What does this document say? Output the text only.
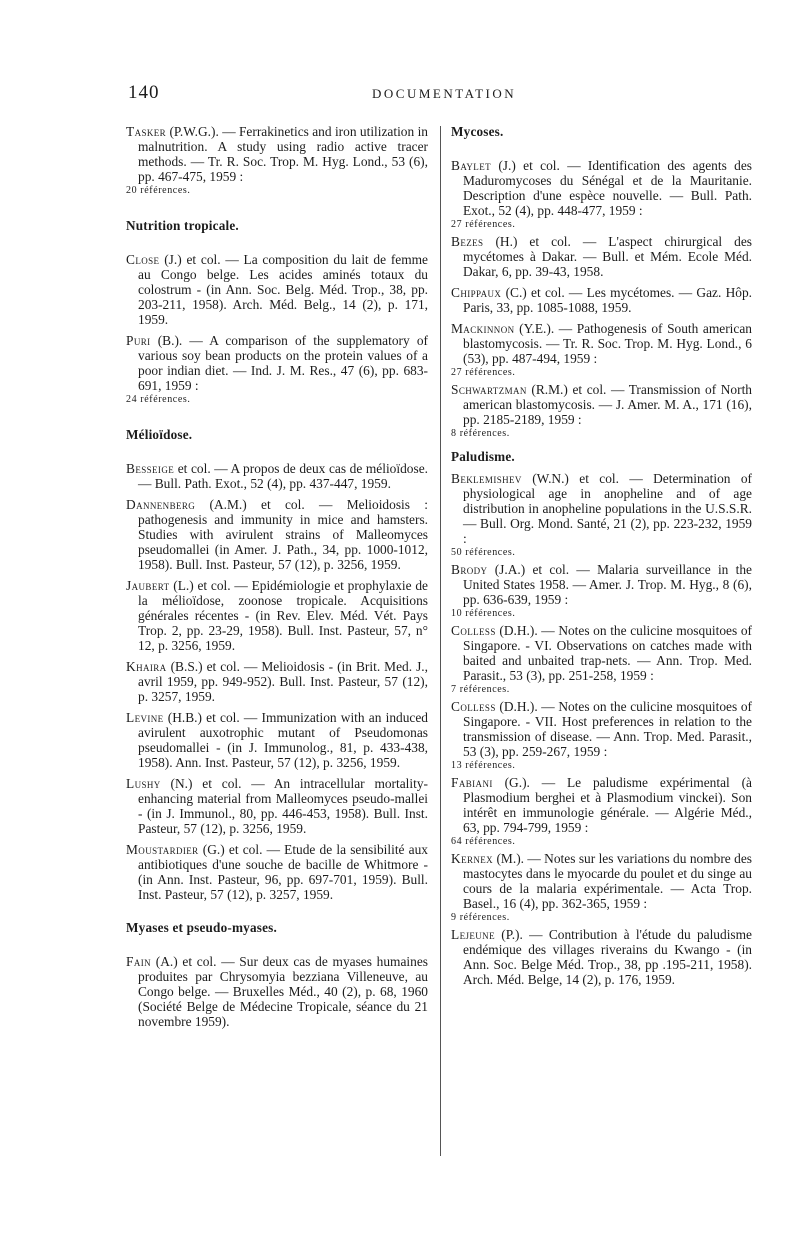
140	DOCUMENTATION

Tasker (P.W.G.). — Ferrakinetics and iron utilization in malnutrition. A study using radio active tracer methods. — Tr. R. Soc. Trop. M. Hyg. Lond., 53 (6), pp. 467-475, 1959 :

20 références.

Nutrition tropicale.

Close (J.) et col. — La composition du lait de femme au Congo belge. Les acides aminés totaux du colostrum - (in Ann. Soc. Belg. Méd. Trop., 38, pp. 203-211, 1958). Arch. Méd. Belg., 14 (2), p. 171, 1959.

Puri (B.). — A comparison of the supplematory of various soy bean products on the protein values of a poor indian diet. — Ind. J. M. Res., 47 (6), pp. 683-691, 1959 :

24 références.

Mélioïdose.

Besseige et col. — A propos de deux cas de mélioïdose. — Bull. Path. Exot., 52 (4), pp. 437-447, 1959.

Dannenberg (A.M.) et col. — Melioidosis : pathogenesis and immunity in mice and hamsters. Studies with avirulent strains of Malleomyces pseudomallei (in Amer. J. Path., 34, pp. 1000-1012, 1958). Bull. Inst. Pasteur, 57 (12), p. 3256, 1959.

Jaubert (L.) et col. — Epidémiologie et prophylaxie de la mélioïdose, zoonose tropicale. Acquisitions générales récentes - (in Rev. Elev. Méd. Vét. Pays Trop. 2, pp. 23-29, 1958). Bull. Inst. Pasteur, 57, n° 12, p. 3256, 1959.

Khaira (B.S.) et col. — Melioidosis - (in Brit. Med. J., avril 1959, pp. 949-952). Bull. Inst. Pasteur, 57 (12), p. 3257, 1959.

Levine (H.B.) et col. — Immunization with an induced avirulent auxotrophic mutant of Pseudomonas pseudomallei - (in J. Immunolog., 81, p. 433-438, 1958). Ann. Inst. Pasteur, 57 (12), p. 3256, 1959.

Lushy (N.) et col. — An intracellular mortality-enhancing material from Malleomyces pseudo-mallei - (in J. Immunol., 80, pp. 446-453, 1958). Bull. Inst. Pasteur, 57 (12), p. 3256, 1959.

Moustardier (G.) et col. — Etude de la sensibilité aux antibiotiques d'une souche de bacille de Whitmore - (in Ann. Inst. Pasteur, 96, pp. 697-701, 1959). Bull. Inst. Pasteur, 57 (12), p. 3257, 1959.

Myases et pseudo-myases.

Fain (A.) et col. — Sur deux cas de myases humaines produites par Chrysomyia bezziana Villeneuve, au Congo belge. — Bruxelles Méd., 40 (2), p. 68, 1960 (Société Belge de Médecine Tropicale, séance du 21 novembre 1959).

Mycoses.

Baylet (J.) et col. — Identification des agents des Maduromycoses du Sénégal et de la Mauritanie. Description d'une espèce nouvelle. — Bull. Path. Exot., 52 (4), pp. 448-477, 1959 :

27 références.

Bezes (H.) et col. — L'aspect chirurgical des mycétomes à Dakar. — Bull. et Mém. Ecole Méd. Dakar, 6, pp. 39-43, 1958.

Chippaux (C.) et col. — Les mycétomes. — Gaz. Hôp. Paris, 33, pp. 1085-1088, 1959.

Mackinnon (Y.E.). — Pathogenesis of South american blastomycosis. — Tr. R. Soc. Trop. M. Hyg. Lond., 6 (53), pp. 487-494, 1959 :

27 références.

Schwartzman (R.M.) et col. — Transmission of North american blastomycosis. — J. Amer. M. A., 171 (16), pp. 2185-2189, 1959 :

8 références.

Paludisme.

Beklemishev (W.N.) et col. — Determination of physiological age in anopheline and of age distribution in anopheline populations in the U.S.S.R. — Bull. Org. Mond. Santé, 21 (2), pp. 223-232, 1959 :

50 références.

Brody (J.A.) et col. — Malaria surveillance in the United States 1958. — Amer. J. Trop. M. Hyg., 8 (6), pp. 636-639, 1959 :

10 références.

Colless (D.H.). — Notes on the culicine mosquitoes of Singapore. - VI. Observations on catches made with baited and unbaited trap-nets. — Ann. Trop. Med. Parasit., 53 (3), pp. 251-258, 1959 :

7 références.

Colless (D.H.). — Notes on the culicine mosquitoes of Singapore. - VII. Host preferences in relation to the transmission of disease. — Ann. Trop. Med. Parasit., 53 (3), pp. 259-267, 1959 :

13 références.

Fabiani (G.). — Le paludisme expérimental (à Plasmodium berghei et à Plasmodium vinckei). Son intérêt en immunologie générale. — Algérie Méd., 63, pp. 794-799, 1959 :

64 références.

Kernex (M.). — Notes sur les variations du nombre des mastocytes dans le myocarde du poulet et du singe au cours de la malaria expérimentale. — Acta Trop. Basel., 16 (4), pp. 362-365, 1959 :

9 références.

Lejeune (P.). — Contribution à l'étude du paludisme endémique des villages riverains du Kwango - (in Ann. Soc. Belge Méd. Trop., 38, pp .195-211, 1958). Arch. Méd. Belge, 14 (2), p. 176, 1959.
